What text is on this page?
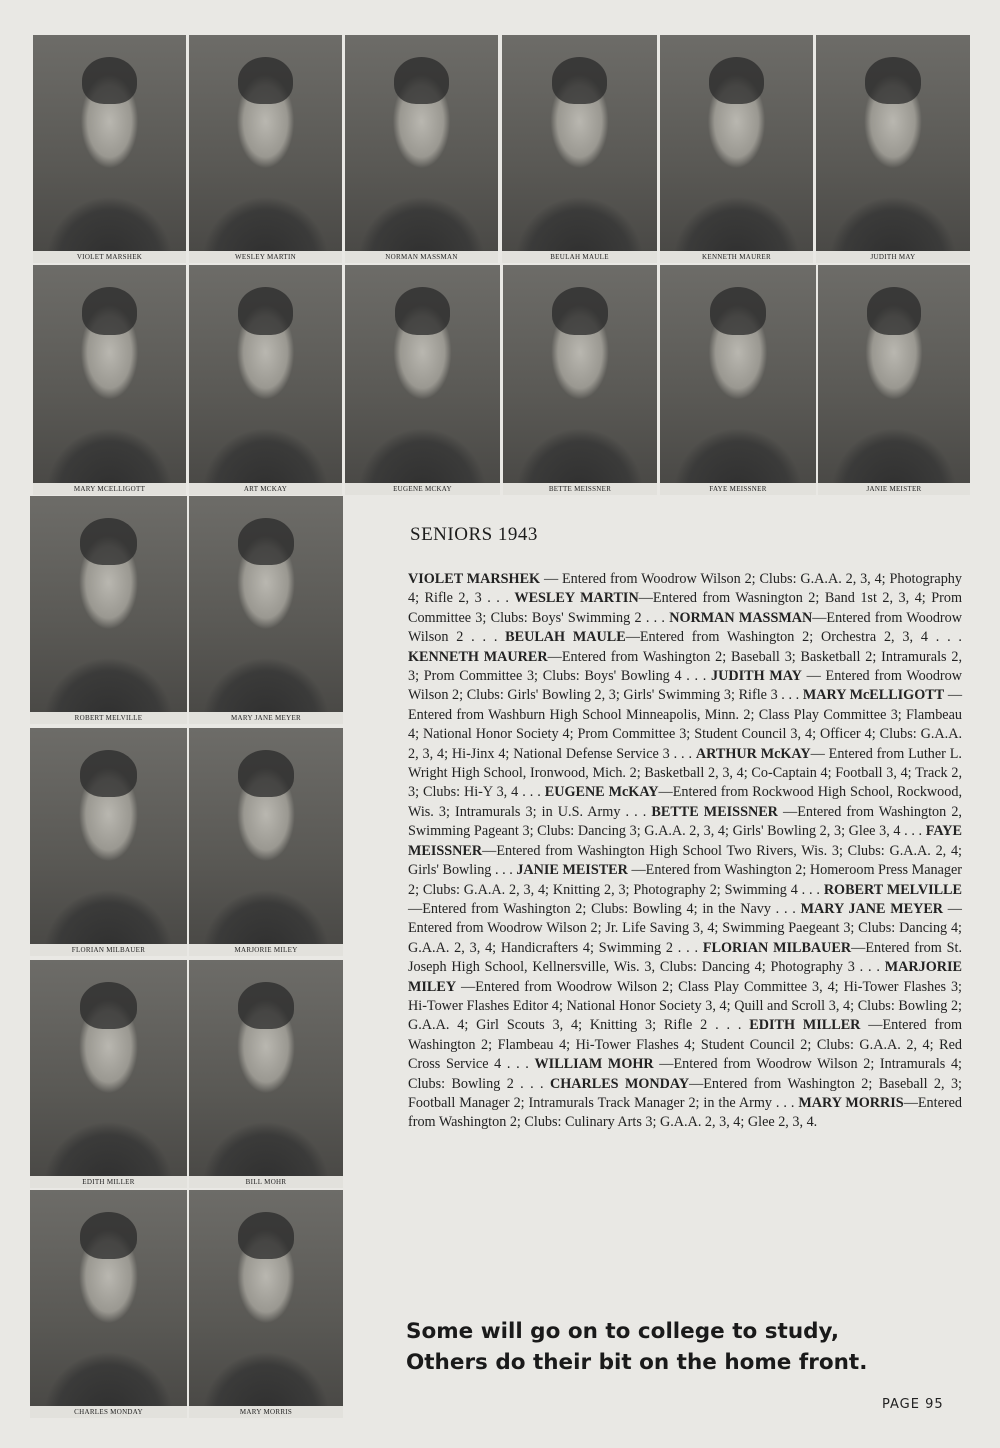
VIOLET MARSHEK	WESLEY MARTIN	NORMAN MASSMAN	BEULAH MAULE	KENNETH MAURER	JUDITH MAY
MARY MCELLIGOTT	ART MCKAY	EUGENE MCKAY	BETTE MEISSNER	FAYE MEISSNER	JANIE MEISTER
ROBERT MELVILLE	MARY JANE MEYER
FLORIAN MILBAUER	MARJORIE MILEY
EDITH MILLER	BILL MOHR
CHARLES MONDAY	MARY MORRIS
SENIORS 1943
VIOLET MARSHEK — Entered from Woodrow Wilson 2; Clubs: G.A.A. 2, 3, 4; Photography 4; Rifle 2, 3 . . . WESLEY MARTIN—Entered from Wasnington 2; Band 1st 2, 3, 4; Prom Committee 3; Clubs: Boys' Swimming 2 . . . NORMAN MASSMAN—Entered from Woodrow Wilson 2 . . . BEULAH MAULE—Entered from Washington 2; Orchestra 2, 3, 4 . . . KENNETH MAURER—Entered from Washington 2; Baseball 3; Basketball 2; Intramurals 2, 3; Prom Committee 3; Clubs: Boys' Bowling 4 . . . JUDITH MAY — Entered from Woodrow Wilson 2; Clubs: Girls' Bowling 2, 3; Girls' Swimming 3; Rifle 3 . . . MARY McELLIGOTT —Entered from Washburn High School Minneapolis, Minn. 2; Class Play Committee 3; Flambeau 4; National Honor Society 4; Prom Committee 3; Student Council 3, 4; Officer 4; Clubs: G.A.A. 2, 3, 4; Hi-Jinx 4; National Defense Service 3 . . . ARTHUR McKAY— Entered from Luther L. Wright High School, Ironwood, Mich. 2; Basketball 2, 3, 4; Co-Captain 4; Football 3, 4; Track 2, 3; Clubs: Hi-Y 3, 4 . . . EUGENE McKAY—Entered from Rockwood High School, Rockwood, Wis. 3; Intramurals 3; in U.S. Army . . . BETTE MEISSNER —Entered from Washington 2, Swimming Pageant 3; Clubs: Dancing 3; G.A.A. 2, 3, 4; Girls' Bowling 2, 3; Glee 3, 4 . . . FAYE MEISSNER—Entered from Washington High School Two Rivers, Wis. 3; Clubs: G.A.A. 2, 4; Girls' Bowling . . . JANIE MEISTER —Entered from Washington 2; Homeroom Press Manager 2; Clubs: G.A.A. 2, 3, 4; Knitting 2, 3; Photography 2; Swimming 4 . . . ROBERT MELVILLE —Entered from Washington 2; Clubs: Bowling 4; in the Navy . . . MARY JANE MEYER —Entered from Woodrow Wilson 2; Jr. Life Saving 3, 4; Swimming Paegeant 3; Clubs: Dancing 4; G.A.A. 2, 3, 4; Handicrafters 4; Swimming 2 . . . FLORIAN MILBAUER—Entered from St. Joseph High School, Kellnersville, Wis. 3, Clubs: Dancing 4; Photography 3 . . . MARJORIE MILEY —Entered from Woodrow Wilson 2; Class Play Committee 3, 4; Hi-Tower Flashes 3; Hi-Tower Flashes Editor 4; National Honor Society 3, 4; Quill and Scroll 3, 4; Clubs: Bowling 2; G.A.A. 4; Girl Scouts 3, 4; Knitting 3; Rifle 2 . . . EDITH MILLER —Entered from Washington 2; Flambeau 4; Hi-Tower Flashes 4; Student Council 2; Clubs: G.A.A. 2, 4; Red Cross Service 4 . . . WILLIAM MOHR —Entered from Woodrow Wilson 2; Intramurals 4; Clubs: Bowling 2 . . . CHARLES MONDAY—Entered from Washington 2; Baseball 2, 3; Football Manager 2; Intramurals Track Manager 2; in the Army . . . MARY MORRIS—Entered from Washington 2; Clubs: Culinary Arts 3; G.A.A. 2, 3, 4; Glee 2, 3, 4.
Some will go on to college to study,
Others do their bit on the home front.
PAGE 95
